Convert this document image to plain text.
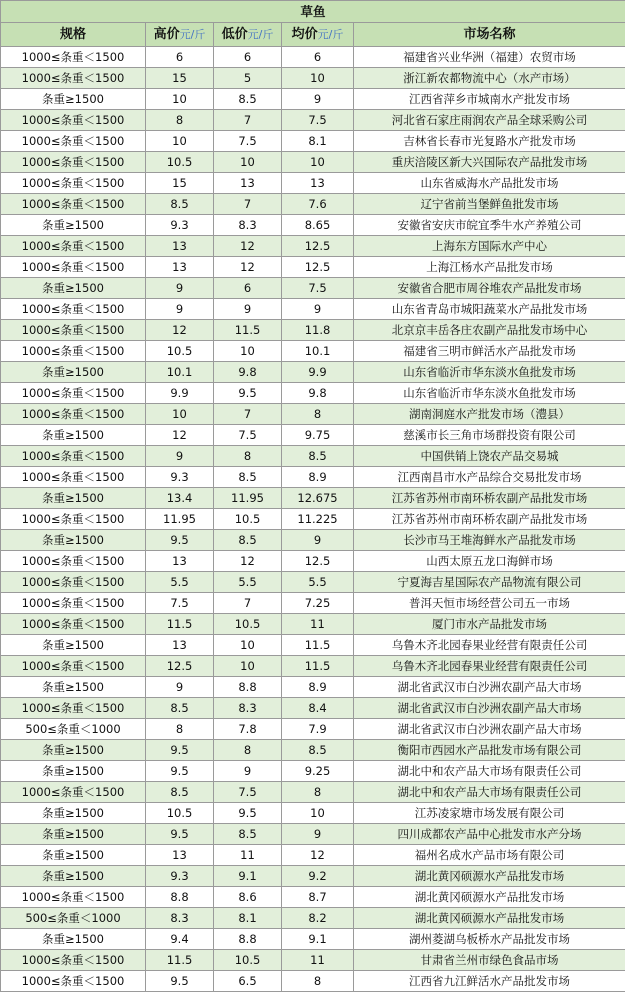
草鱼				
规格	高价元/斤	低价元/斤	均价元/斤	市场名称
1000≤条重＜1500	6	6	6	福建省兴业华洲（福建）农贸市场
1000≤条重＜1500	15	5	10	浙江新农都物流中心（水产市场）
条重≥1500	10	8.5	9	江西省萍乡市城南水产批发市场
1000≤条重＜1500	8	7	7.5	河北省石家庄雨润农产品全球采购公司
1000≤条重＜1500	10	7.5	8.1	吉林省长春市光复路水产批发市场
1000≤条重＜1500	10.5	10	10	重庆涪陵区新大兴国际农产品批发市场
1000≤条重＜1500	15	13	13	山东省威海水产品批发市场
1000≤条重＜1500	8.5	7	7.6	辽宁省前当堡鲜鱼批发市场
条重≥1500	9.3	8.3	8.65	安徽省安庆市皖宜季牛水产养殖公司
1000≤条重＜1500	13	12	12.5	上海东方国际水产中心
1000≤条重＜1500	13	12	12.5	上海江杨水产品批发市场
条重≥1500	9	6	7.5	安徽省合肥市周谷堆农产品批发市场
1000≤条重＜1500	9	9	9	山东省青岛市城阳蔬菜水产品批发市场
1000≤条重＜1500	12	11.5	11.8	北京京丰岳各庄农副产品批发市场中心
1000≤条重＜1500	10.5	10	10.1	福建省三明市鲜活水产品批发市场
条重≥1500	10.1	9.8	9.9	山东省临沂市华东淡水鱼批发市场
1000≤条重＜1500	9.9	9.5	9.8	山东省临沂市华东淡水鱼批发市场
1000≤条重＜1500	10	7	8	湖南洞庭水产批发市场（澧县）
条重≥1500	12	7.5	9.75	慈溪市长三角市场群投资有限公司
1000≤条重＜1500	9	8	8.5	中国供销上饶农产品交易城
1000≤条重＜1500	9.3	8.5	8.9	江西南昌市水产品综合交易批发市场
条重≥1500	13.4	11.95	12.675	江苏省苏州市南环桥农副产品批发市场
1000≤条重＜1500	11.95	10.5	11.225	江苏省苏州市南环桥农副产品批发市场
条重≥1500	9.5	8.5	9	长沙市马王堆海鲜水产品批发市场
1000≤条重＜1500	13	12	12.5	山西太原五龙口海鲜市场
1000≤条重＜1500	5.5	5.5	5.5	宁夏海吉星国际农产品物流有限公司
1000≤条重＜1500	7.5	7	7.25	普洱天恒市场经营公司五一市场
1000≤条重＜1500	11.5	10.5	11	厦门市水产品批发市场
条重≥1500	13	10	11.5	乌鲁木齐北园春果业经营有限责任公司
1000≤条重＜1500	12.5	10	11.5	乌鲁木齐北园春果业经营有限责任公司
条重≥1500	9	8.8	8.9	湖北省武汉市白沙洲农副产品大市场
1000≤条重＜1500	8.5	8.3	8.4	湖北省武汉市白沙洲农副产品大市场
500≤条重＜1000	8	7.8	7.9	湖北省武汉市白沙洲农副产品大市场
条重≥1500	9.5	8	8.5	衡阳市西园水产品批发市场有限公司
条重≥1500	9.5	9	9.25	湖北中和农产品大市场有限责任公司
1000≤条重＜1500	8.5	7.5	8	湖北中和农产品大市场有限责任公司
条重≥1500	10.5	9.5	10	江苏凌家塘市场发展有限公司
条重≥1500	9.5	8.5	9	四川成都农产品中心批发市水产分场
条重≥1500	13	11	12	福州名成水产品市场有限公司
条重≥1500	9.3	9.1	9.2	湖北黄冈硕源水产品批发市场
1000≤条重＜1500	8.8	8.6	8.7	湖北黄冈硕源水产品批发市场
500≤条重＜1000	8.3	8.1	8.2	湖北黄冈硕源水产品批发市场
条重≥1500	9.4	8.8	9.1	湖州菱湖乌板桥水产品批发市场
1000≤条重＜1500	11.5	10.5	11	甘肃省兰州市绿色食品市场
1000≤条重＜1500	9.5	6.5	8	江西省九江鲜活水产品批发市场
